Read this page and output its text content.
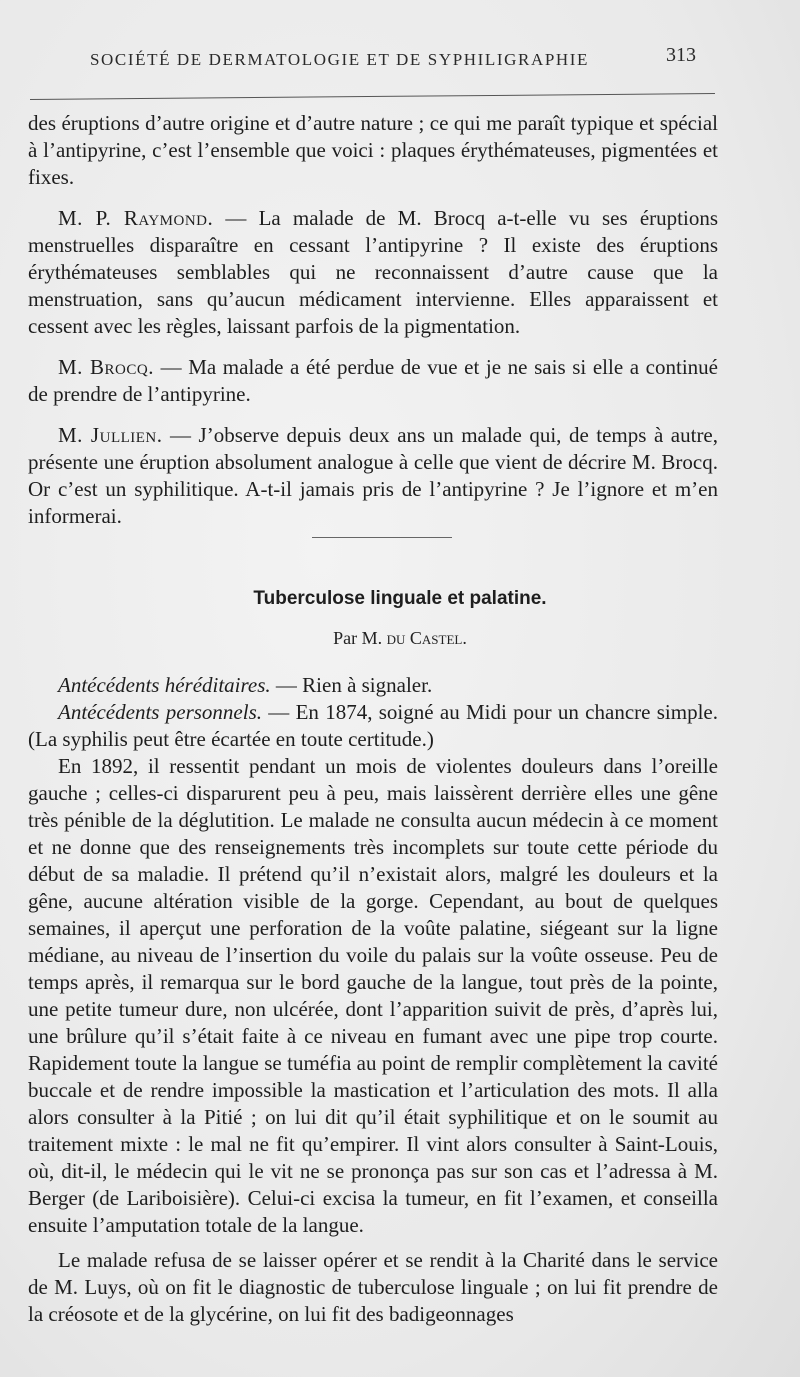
SOCIÉTÉ DE DERMATOLOGIE ET DE SYPHILIGRAPHIE	313

des éruptions d’autre origine et d’autre nature ; ce qui me paraît typique et spécial à l’antipyrine, c’est l’ensemble que voici : plaques érythémateuses, pigmentées et fixes.

M. P. Raymond. — La malade de M. Brocq a-t-elle vu ses éruptions menstruelles disparaître en cessant l’antipyrine ? Il existe des éruptions érythémateuses semblables qui ne reconnaissent d’autre cause que la menstruation, sans qu’aucun médicament intervienne. Elles apparaissent et cessent avec les règles, laissant parfois de la pigmentation.

M. Brocq. — Ma malade a été perdue de vue et je ne sais si elle a continué de prendre de l’antipyrine.

M. Jullien. — J’observe depuis deux ans un malade qui, de temps à autre, présente une éruption absolument analogue à celle que vient de décrire M. Brocq. Or c’est un syphilitique. A-t-il jamais pris de l’antipyrine ? Je l’ignore et m’en informerai.

Tuberculose linguale et palatine.
Par M. du Castel.

Antécédents héréditaires. — Rien à signaler.

Antécédents personnels. — En 1874, soigné au Midi pour un chancre simple. (La syphilis peut être écartée en toute certitude.)

En 1892, il ressentit pendant un mois de violentes douleurs dans l’oreille gauche ; celles-ci disparurent peu à peu, mais laissèrent derrière elles une gêne très pénible de la déglutition. Le malade ne consulta aucun médecin à ce moment et ne donne que des renseignements très incomplets sur toute cette période du début de sa maladie. Il prétend qu’il n’existait alors, malgré les douleurs et la gêne, aucune altération visible de la gorge. Cependant, au bout de quelques semaines, il aperçut une perforation de la voûte palatine, siégeant sur la ligne médiane, au niveau de l’insertion du voile du palais sur la voûte osseuse. Peu de temps après, il remarqua sur le bord gauche de la langue, tout près de la pointe, une petite tumeur dure, non ulcérée, dont l’apparition suivit de près, d’après lui, une brûlure qu’il s’était faite à ce niveau en fumant avec une pipe trop courte. Rapidement toute la langue se tuméfia au point de remplir complètement la cavité buccale et de rendre impossible la mastication et l’articulation des mots. Il alla alors consulter à la Pitié ; on lui dit qu’il était syphilitique et on le soumit au traitement mixte : le mal ne fit qu’empirer. Il vint alors consulter à Saint-Louis, où, dit-il, le médecin qui le vit ne se prononça pas sur son cas et l’adressa à M. Berger (de Lariboisière). Celui-ci excisa la tumeur, en fit l’examen, et conseilla ensuite l’amputation totale de la langue.

Le malade refusa de se laisser opérer et se rendit à la Charité dans le service de M. Luys, où on fit le diagnostic de tuberculose linguale ; on lui fit prendre de la créosote et de la glycérine, on lui fit des badigeonnages
